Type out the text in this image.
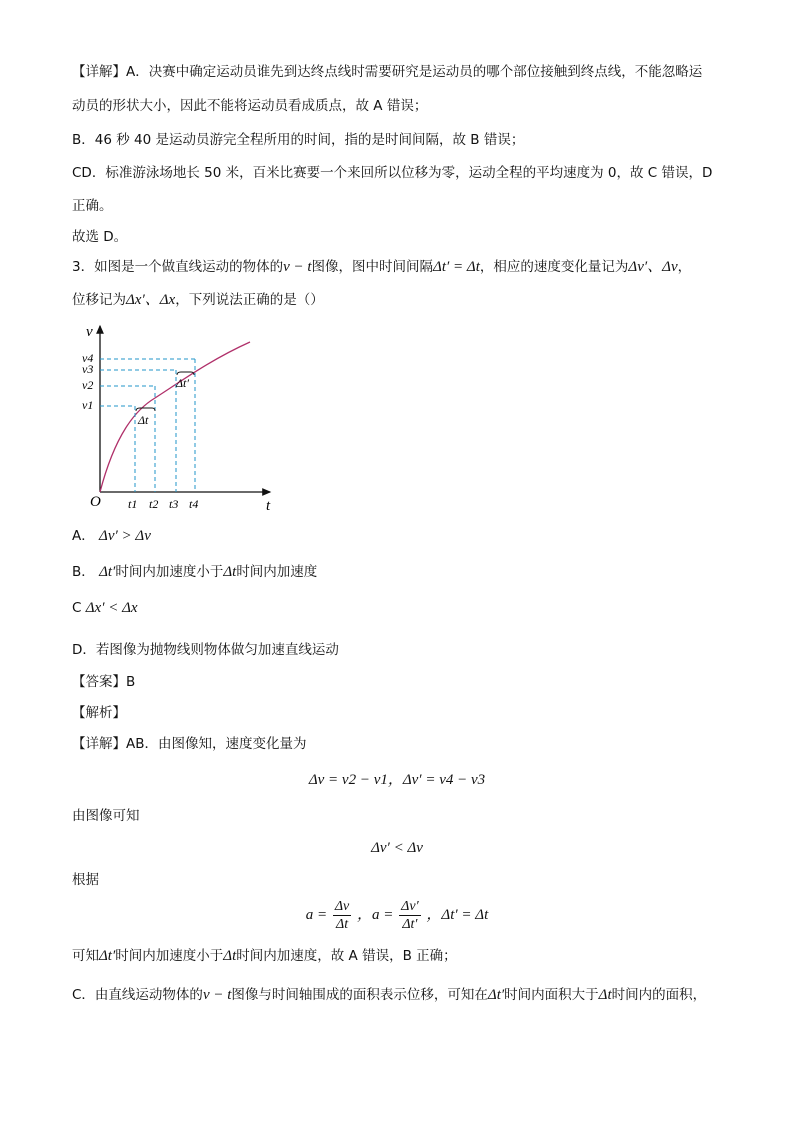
【详解】A．决赛中确定运动员谁先到达终点线时需要研究是运动员的哪个部位接触到终点线，不能忽略运
动员的形状大小，因此不能将运动员看成质点，故 A 错误；
B．46 秒 40 是运动员游完全程所用的时间，指的是时间间隔，故 B 错误；
CD．标准游泳场地长 50 米，百米比赛要一个来回所以位移为零，运动全程的平均速度为 0，故 C 错误，D
正确。
故选 D。
3．如图是一个做直线运动的物体的v − t图像，图中时间间隔Δt′ = Δt，相应的速度变化量记为Δv′、Δv，
位移记为Δx′、Δx，下列说法正确的是（）
Δt
Δt′
v
t
O
v4
v3
v2
v1
t1 t2 t3 t4
A． Δv′ > Δv
B． Δt′时间内加速度小于Δt时间内加速度
C Δx′ < Δx
D．若图像为抛物线则物体做匀加速直线运动
【答案】B
【解析】
【详解】AB．由图像知，速度变化量为
Δv = v2 − v1，Δv′ = v4 − v3
由图像可知
Δv′ < Δv
根据
$a = \frac{\Delta v}{\Delta t}$ ，$a = \frac{\Delta v'}{\Delta t'}$ ，Δt′ = Δt
可知Δt′时间内加速度小于Δt时间内加速度，故 A 错误，B 正确；
C．由直线运动物体的v − t图像与时间轴围成的面积表示位移，可知在Δt′时间内面积大于Δt时间内的面积，
